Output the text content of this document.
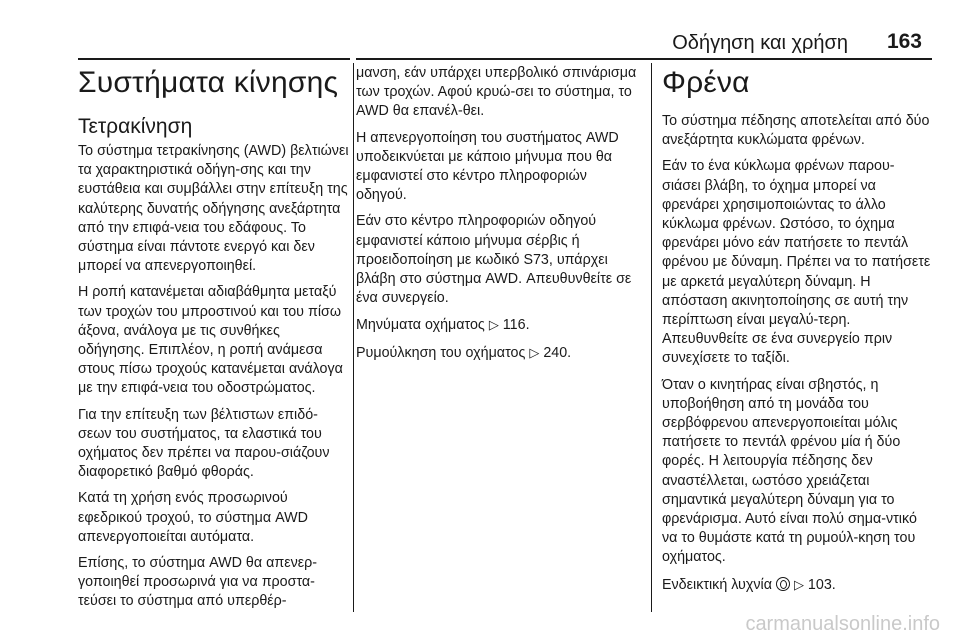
Οδήγηση και χρήση 163
Συστήματα κίνησης
Τετρακίνηση

Το σύστημα τετρακίνησης (AWD) βελτιώνει τα χαρακτηριστικά οδήγη-σης και την ευστάθεια και συμβάλλει στην επίτευξη της καλύτερης δυνατής οδήγησης ανεξάρτητα από την επιφά-νεια του εδάφους. Το σύστημα είναι πάντοτε ενεργό και δεν μπορεί να απενεργοποιηθεί.

Η ροπή κατανέμεται αδιαβάθμητα μεταξύ των τροχών του μπροστινού και του πίσω άξονα, ανάλογα με τις συνθήκες οδήγησης. Επιπλέον, η ροπή ανάμεσα στους πίσω τροχούς κατανέμεται ανάλογα με την επιφά-νεια του οδοστρώματος.

Για την επίτευξη των βέλτιστων επιδό-σεων του συστήματος, τα ελαστικά του οχήματος δεν πρέπει να παρου-σιάζουν διαφορετικό βαθμό φθοράς.

Κατά τη χρήση ενός προσωρινού εφεδρικού τροχού, το σύστημα AWD απενεργοποιείται αυτόματα.

Επίσης, το σύστημα AWD θα απενερ-γοποιηθεί προσωρινά για να προστα-τεύσει το σύστημα από υπερθέρ-

μανση, εάν υπάρχει υπερβολικό σπινάρισμα των τροχών. Αφού κρυώ-σει το σύστημα, το AWD θα επανέλ-θει.

Η απενεργοποίηση του συστήματος AWD υποδεικνύεται με κάποιο μήνυμα που θα εμφανιστεί στο κέντρο πληροφοριών οδηγού.

Εάν στο κέντρο πληροφοριών οδηγού εμφανιστεί κάποιο μήνυμα σέρβις ή προειδοποίηση με κωδικό S73, υπάρχει βλάβη στο σύστημα AWD. Απευθυνθείτε σε ένα συνεργείο.

Μηνύματα οχήματος ▷ 116.

Ρυμούλκηση του οχήματος ▷ 240.

Φρένα

Το σύστημα πέδησης αποτελείται από δύο ανεξάρτητα κυκλώματα φρένων.

Εάν το ένα κύκλωμα φρένων παρου-σιάσει βλάβη, το όχημα μπορεί να φρενάρει χρησιμοποιώντας το άλλο κύκλωμα φρένων. Ωστόσο, το όχημα φρενάρει μόνο εάν πατήσετε το πεντάλ φρένου με δύναμη. Πρέπει να το πατήσετε με αρκετά μεγαλύτερη δύναμη. Η απόσταση ακινητοποίησης σε αυτή την περίπτωση είναι μεγαλύ-τερη. Απευθυνθείτε σε ένα συνεργείο πριν συνεχίσετε το ταξίδι.

Όταν ο κινητήρας είναι σβηστός, η υποβοήθηση από τη μονάδα του σερβόφρενου απενεργοποιείται μόλις πατήσετε το πεντάλ φρένου μία ή δύο φορές. Η λειτουργία πέδησης δεν αναστέλλεται, ωστόσο χρειάζεται σημαντικά μεγαλύτερη δύναμη για το φρενάρισμα. Αυτό είναι πολύ σημα-ντικό να το θυμάστε κατά τη ρυμούλ-κηση του οχήματος.

Ενδεικτική λυχνία ▷ 103.

carmanualsonline.info
